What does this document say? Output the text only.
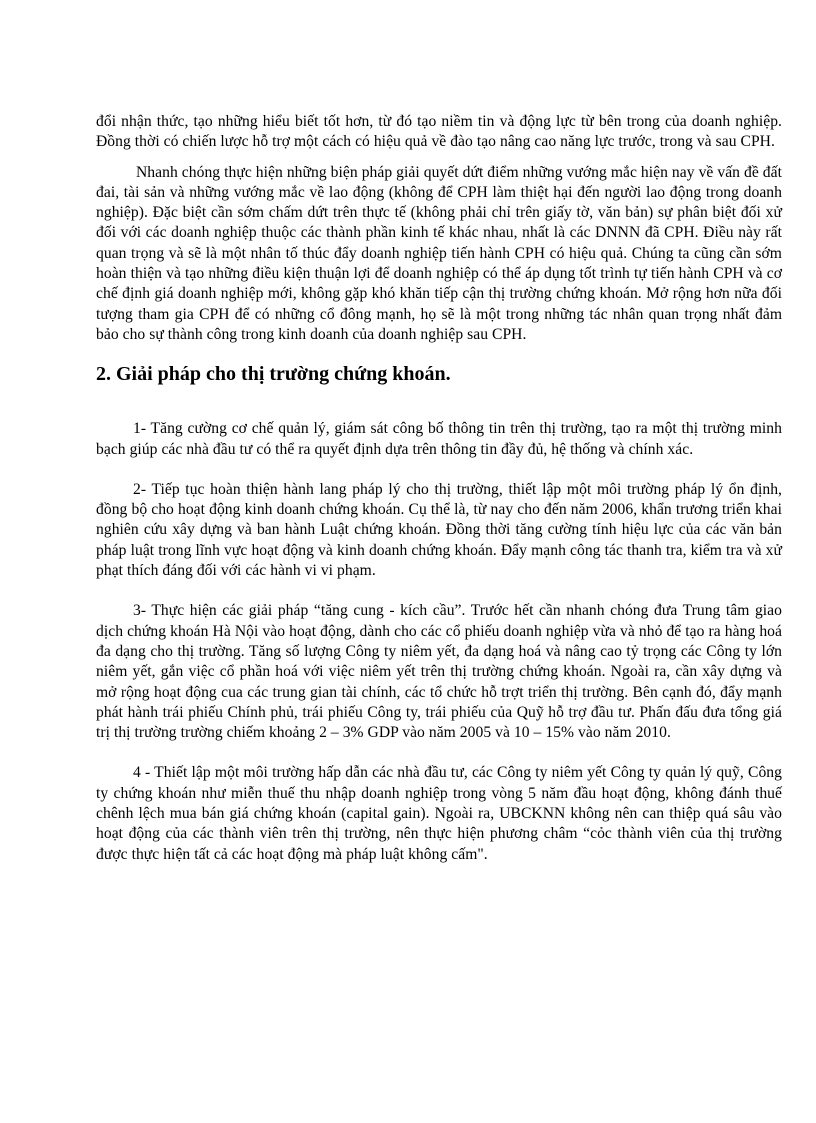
đổi nhận thức, tạo những hiểu biết tốt hơn, từ đó tạo niềm tin và động lực từ bên trong của doanh nghiệp. Đồng thời có chiến lược hỗ trợ một cách có hiệu quả về đào tạo nâng cao năng lực trước, trong và sau CPH.

Nhanh chóng thực hiện những biện pháp giải quyết dứt điểm những vướng mắc hiện nay về vấn đề đất đai, tài sản và những vướng mắc về lao động (không để CPH làm thiệt hại đến người lao động trong doanh nghiệp). Đặc biệt cần sớm chấm dứt trên thực tế (không phải chỉ trên giấy tờ, văn bản) sự phân biệt đối xử đối với các doanh nghiệp thuộc các thành phần kinh tế khác nhau, nhất là các DNNN đã CPH. Điều này rất quan trọng và sẽ là một nhân tố thúc đẩy doanh nghiệp tiến hành CPH có hiệu quả. Chúng ta cũng cần sớm hoàn thiện và tạo những điều kiện thuận lợi để doanh nghiệp có thể áp dụng tốt trình tự tiến hành CPH và cơ chế định giá doanh nghiệp mới, không gặp khó khăn tiếp cận thị trường chứng khoán. Mở rộng hơn nữa đối tượng tham gia CPH để có những cổ đông mạnh, họ sẽ là một trong những tác nhân quan trọng nhất đảm bảo cho sự thành công trong kinh doanh của doanh nghiệp sau CPH.

2. Giải pháp cho thị trường chứng khoán.

1- Tăng cường cơ chế quản lý, giám sát công bố thông tin trên thị trường, tạo ra một thị trường minh bạch giúp các nhà đầu tư có thể ra quyết định dựa trên thông tin đầy đủ, hệ thống và chính xác.

2- Tiếp tục hoàn thiện hành lang pháp lý cho thị trường, thiết lập một môi trường pháp lý ổn định, đồng bộ cho hoạt động kinh doanh chứng khoán. Cụ thể là, từ nay cho đến năm 2006, khẩn trương triển khai nghiên cứu xây dựng và ban hành Luật chứng khoán. Đồng thời tăng cường tính hiệu lực của các văn bản pháp luật trong lĩnh vực hoạt động và kinh doanh chứng khoán. Đẩy mạnh công tác thanh tra, kiểm tra và xử phạt thích đáng đối với các hành vi vi phạm.

3- Thực hiện các giải pháp “tăng cung - kích cầu”. Trước hết cần nhanh chóng đưa Trung tâm giao dịch chứng khoán Hà Nội vào hoạt động, dành cho các cổ phiếu doanh nghiệp vừa và nhỏ để tạo ra hàng hoá đa dạng cho thị trường. Tăng số lượng Công ty niêm yết, đa dạng hoá và nâng cao tỷ trọng các Công ty lớn niêm yết, gắn việc cổ phần hoá với việc niêm yết trên thị trường chứng khoán. Ngoài ra, cần xây dựng và mở rộng hoạt động cua các trung gian tài chính, các tổ chức hỗ trợt triển thị trường. Bên cạnh đó, đẩy mạnh phát hành trái phiếu Chính phủ, trái phiếu Công ty, trái phiếu của Quỹ hỗ trợ đầu tư. Phấn đấu đưa tổng giá trị thị trường trường chiếm khoảng 2 – 3% GDP vào năm 2005 và 10 – 15% vào năm 2010.

4 - Thiết lập một môi trường hấp dẫn các nhà đầu tư, các Công ty niêm yết Công ty quản lý quỹ, Công ty chứng khoán như miễn thuế thu nhập doanh nghiệp trong vòng 5 năm đầu hoạt động, không đánh thuế chênh lệch mua bán giá chứng khoán (capital gain). Ngoài ra, UBCKNN không nên can thiệp quá sâu vào hoạt động của các thành viên trên thị trường, nên thực hiện phương châm “cỏc thành viên của thị trường được thực hiện tất cả các hoạt động mà pháp luật không cấm".
